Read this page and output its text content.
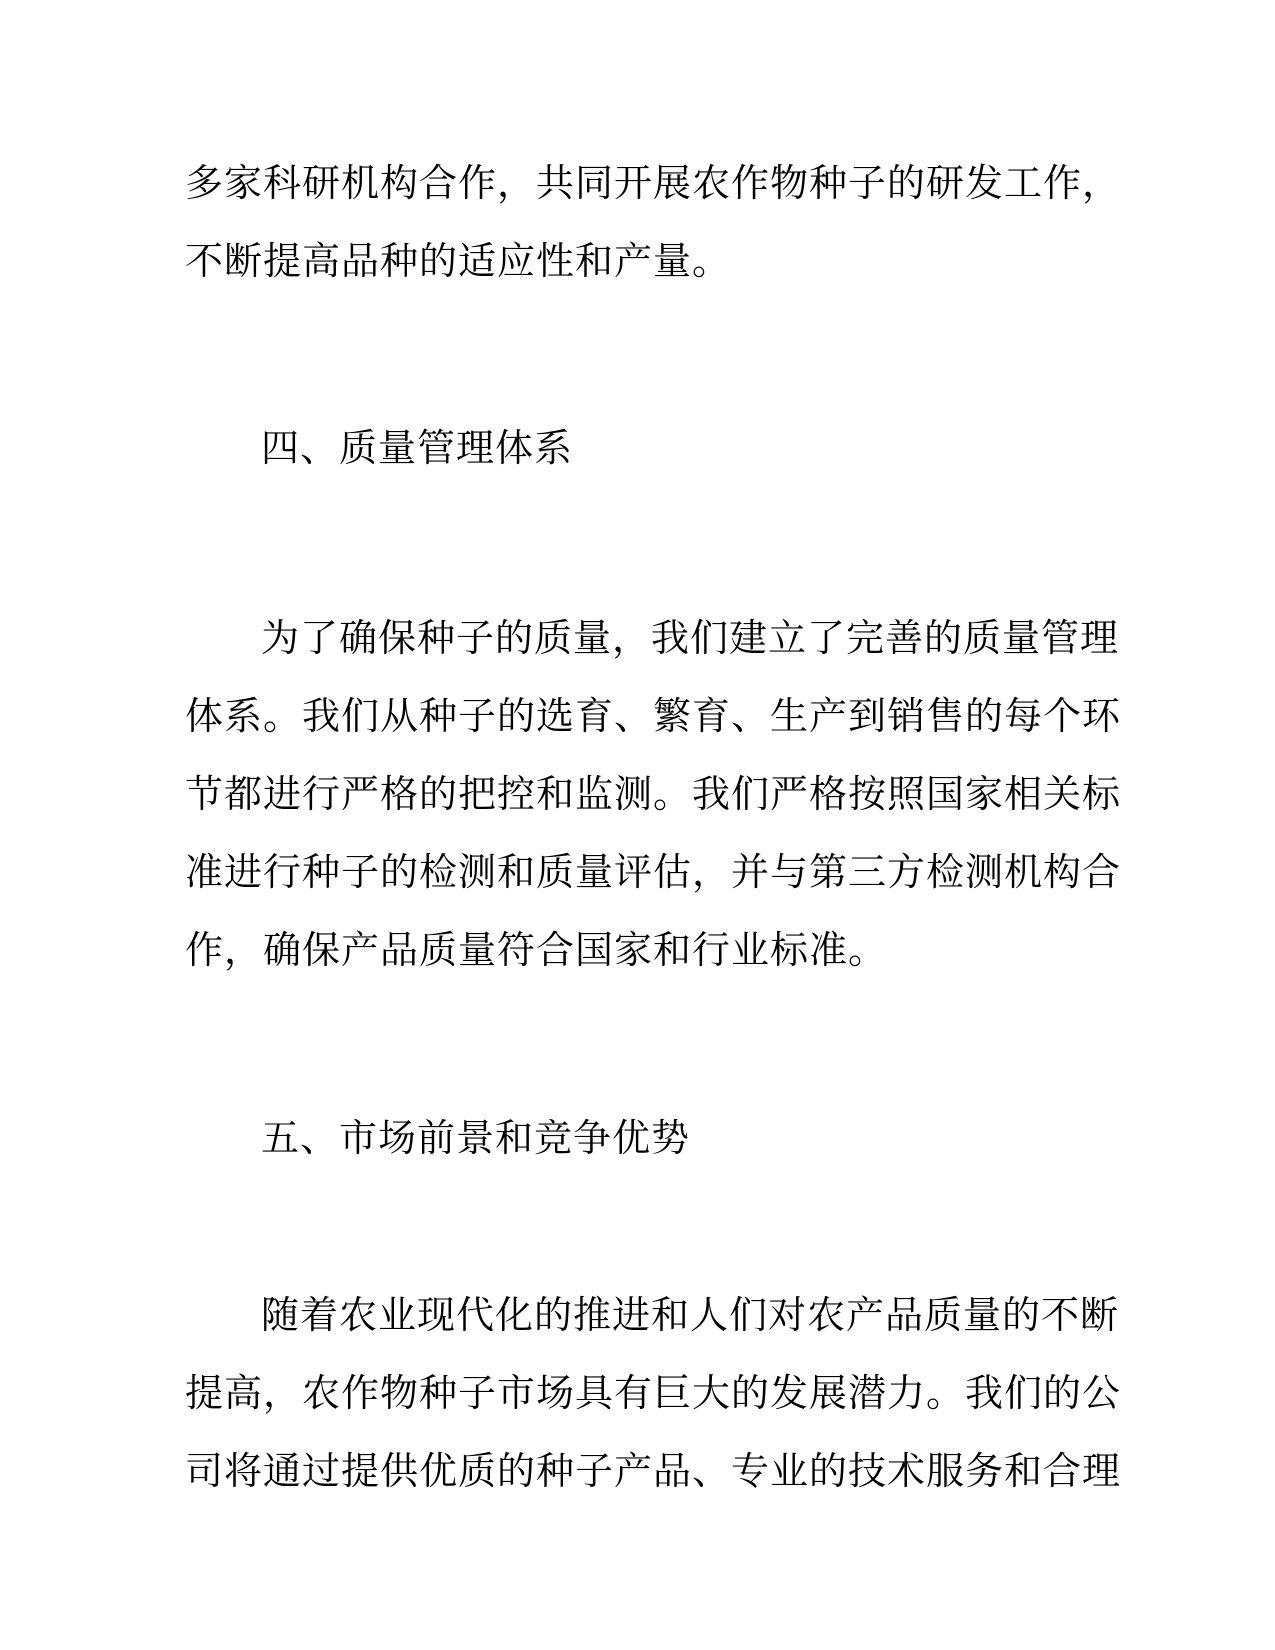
多家科研机构合作，共同开展农作物种子的研发工作，
不断提高品种的适应性和产量。
四、质量管理体系
为了确保种子的质量，我们建立了完善的质量管理
体系。我们从种子的选育、繁育、生产到销售的每个环
节都进行严格的把控和监测。我们严格按照国家相关标
准进行种子的检测和质量评估，并与第三方检测机构合
作，确保产品质量符合国家和行业标准。
五、市场前景和竞争优势
随着农业现代化的推进和人们对农产品质量的不断
提高，农作物种子市场具有巨大的发展潜力。我们的公
司将通过提供优质的种子产品、专业的技术服务和合理
